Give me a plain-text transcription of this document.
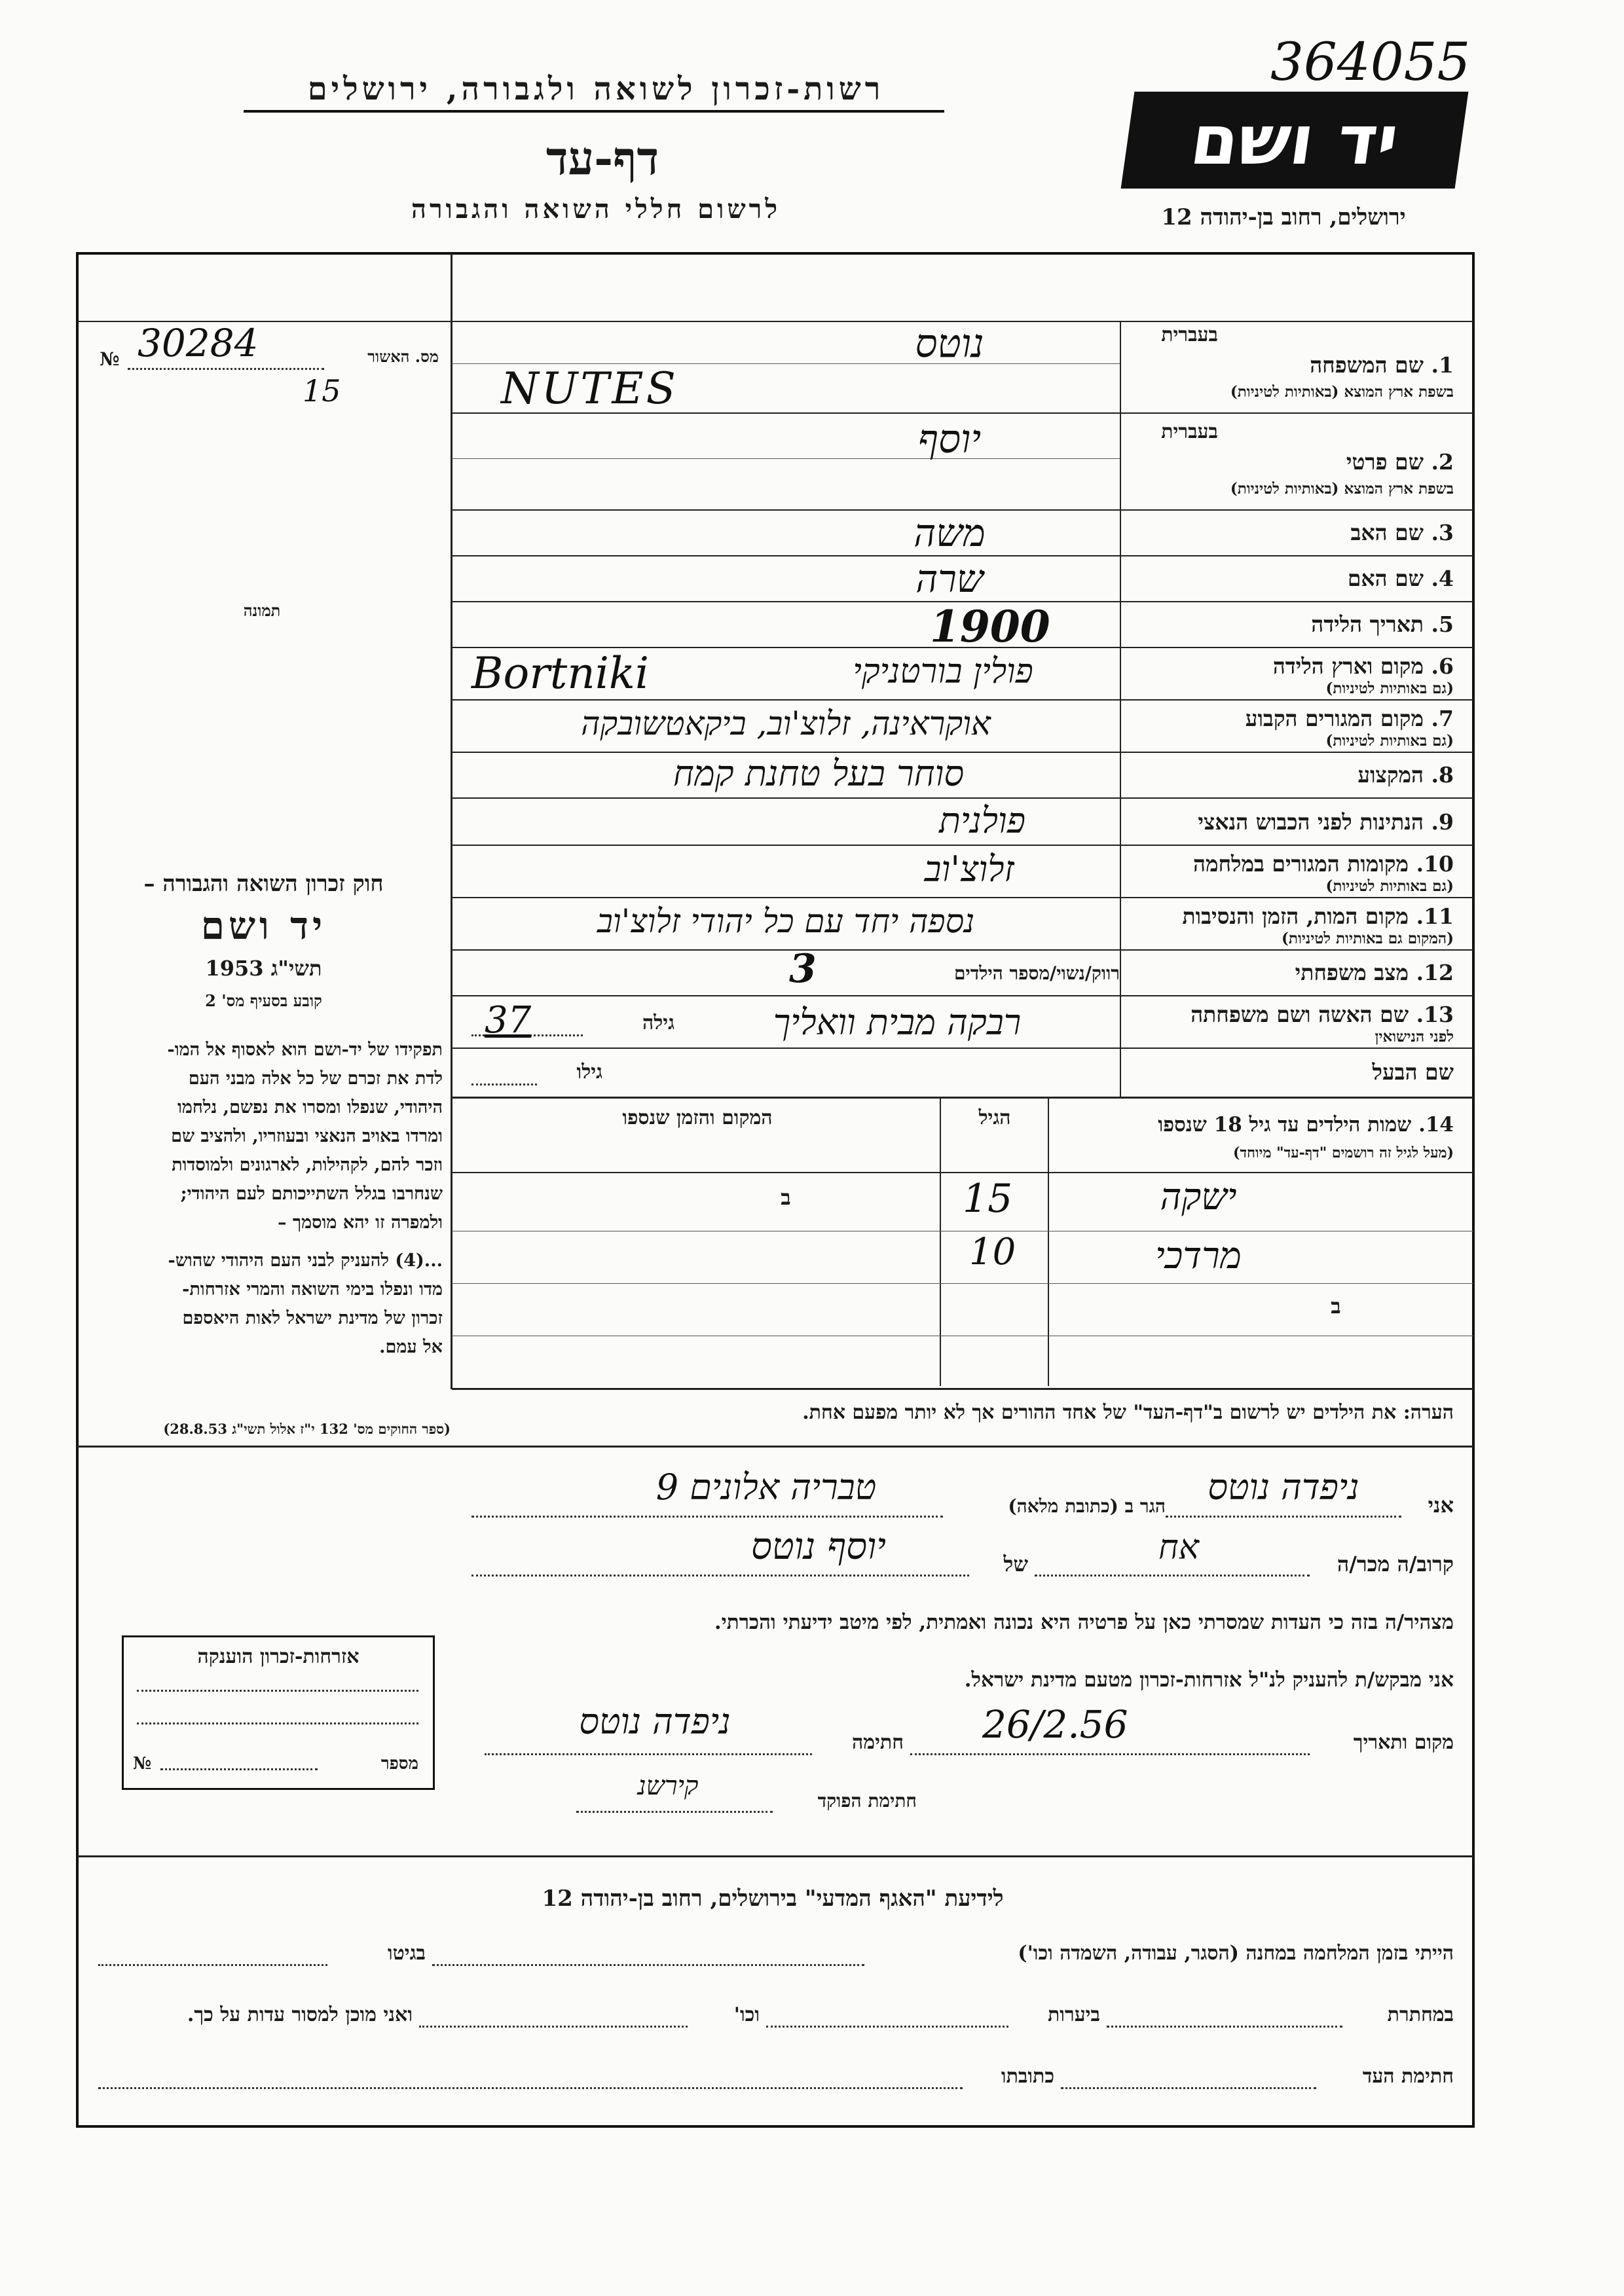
רשות-זכרון לשואה ולגבורה, ירושלים
דף-עד
לרשום חללי השואה והגבורה
יד ושם
ירושלים, רחוב בן-יהודה 12
364055
№ 30284
15
מס. האשור
תמונה
חוק זכרון השואה והגבורה –
יד ושם
תשי"ג 1953
קובע בסעיף מס' 2
תפקידו של יד-ושם הוא לאסוף אל המו-
לדת את זכרם של כל אלה מבני העם
היהודי, שנפלו ומסרו את נפשם, נלחמו
ומרדו באויב הנאצי ובעוזריו, ולהציב שם
וזכר להם, לקהילות, לארגונים ולמוסדות
שנחרבו בגלל השתייכותם לעם היהודי;
ולמפרה זו יהא מוסמך –
...(4) להעניק לבני העם היהודי שהוש-
מדו ונפלו בימי השואה והמרי אזרחות-
זכרון של מדינת ישראל לאות היאספם
אל עמם.
(ספר החוקים מס' 132 י"ז אלול תשי"ג 28.8.53)
1. שם המשפחה
בשפת ארץ המוצא (באותיות לטיניות)
בעברית
נוטס
NUTES
2. שם פרטי
בשפת ארץ המוצא (באותיות לטיניות)
בעברית
יוסף
3. שם האב
משה
4. שם האם
שרה
5. תאריך הלידה
1900
6. מקום וארץ הלידה
(גם באותיות לטיניות)
פולין בורטניקי
Bortniki
7. מקום המגורים הקבוע
(גם באותיות לטיניות)
אוקראינה, זלוצ'וב, ביקאטשובקה
8. המקצוע
סוחר בעל טחנת קמח
9. הנתינות לפני הכבוש הנאצי
פולנית
10. מקומות המגורים במלחמה
(גם באותיות לטיניות)
זלוצ'וב
11. מקום המות, הזמן והנסיבות
(המקום גם באותיות לטיניות)
נספה יחד עם כל יהודי זלוצ'וב
12. מצב משפחתי
רווק/נשוי/מספר הילדים
3
13. שם האשה ושם משפחתה
לפני הנישואין
רבקה מבית וואליך
גילה
37
שם הבעל
גילו
14. שמות הילדים עד גיל 18 שנספו
(מעל לגיל זה רושמים "דף-עד" מיוחד)
הגיל
המקום והזמן שנספו
ישקה
15
ב
מרדכי
10
ב
הערה: את הילדים יש לרשום ב"דף-העד" של אחד ההורים אך לא יותר מפעם אחת.
אני
ניפדה נוטס
הגר ב (כתובת מלאה)
טבריה אלונים 9
קרוב/ה מכר/ה
אח
של
יוסף נוטס
מצהיר/ה בזה כי העדות שמסרתי כאן על פרטיה היא נכונה ואמתית, לפי מיטב ידיעתי והכרתי.
אני מבקש/ת להעניק לנ"ל אזרחות-זכרון מטעם מדינת ישראל.
מקום ותאריך
26/2.56
חתימה
ניפדה נוטס
חתימת הפוקד
קירשנ
אזרחות-זכרון הוענקה
№	מספר
לידיעת "האגף המדעי" בירושלים, רחוב בן-יהודה 12
הייתי בזמן המלחמה במחנה (הסגר, עבודה, השמדה וכו')
בגיטו
במחתרת
ביערות
וכו'
ואני מוכן למסור עדות על כך.
חתימת העד
כתובתו
